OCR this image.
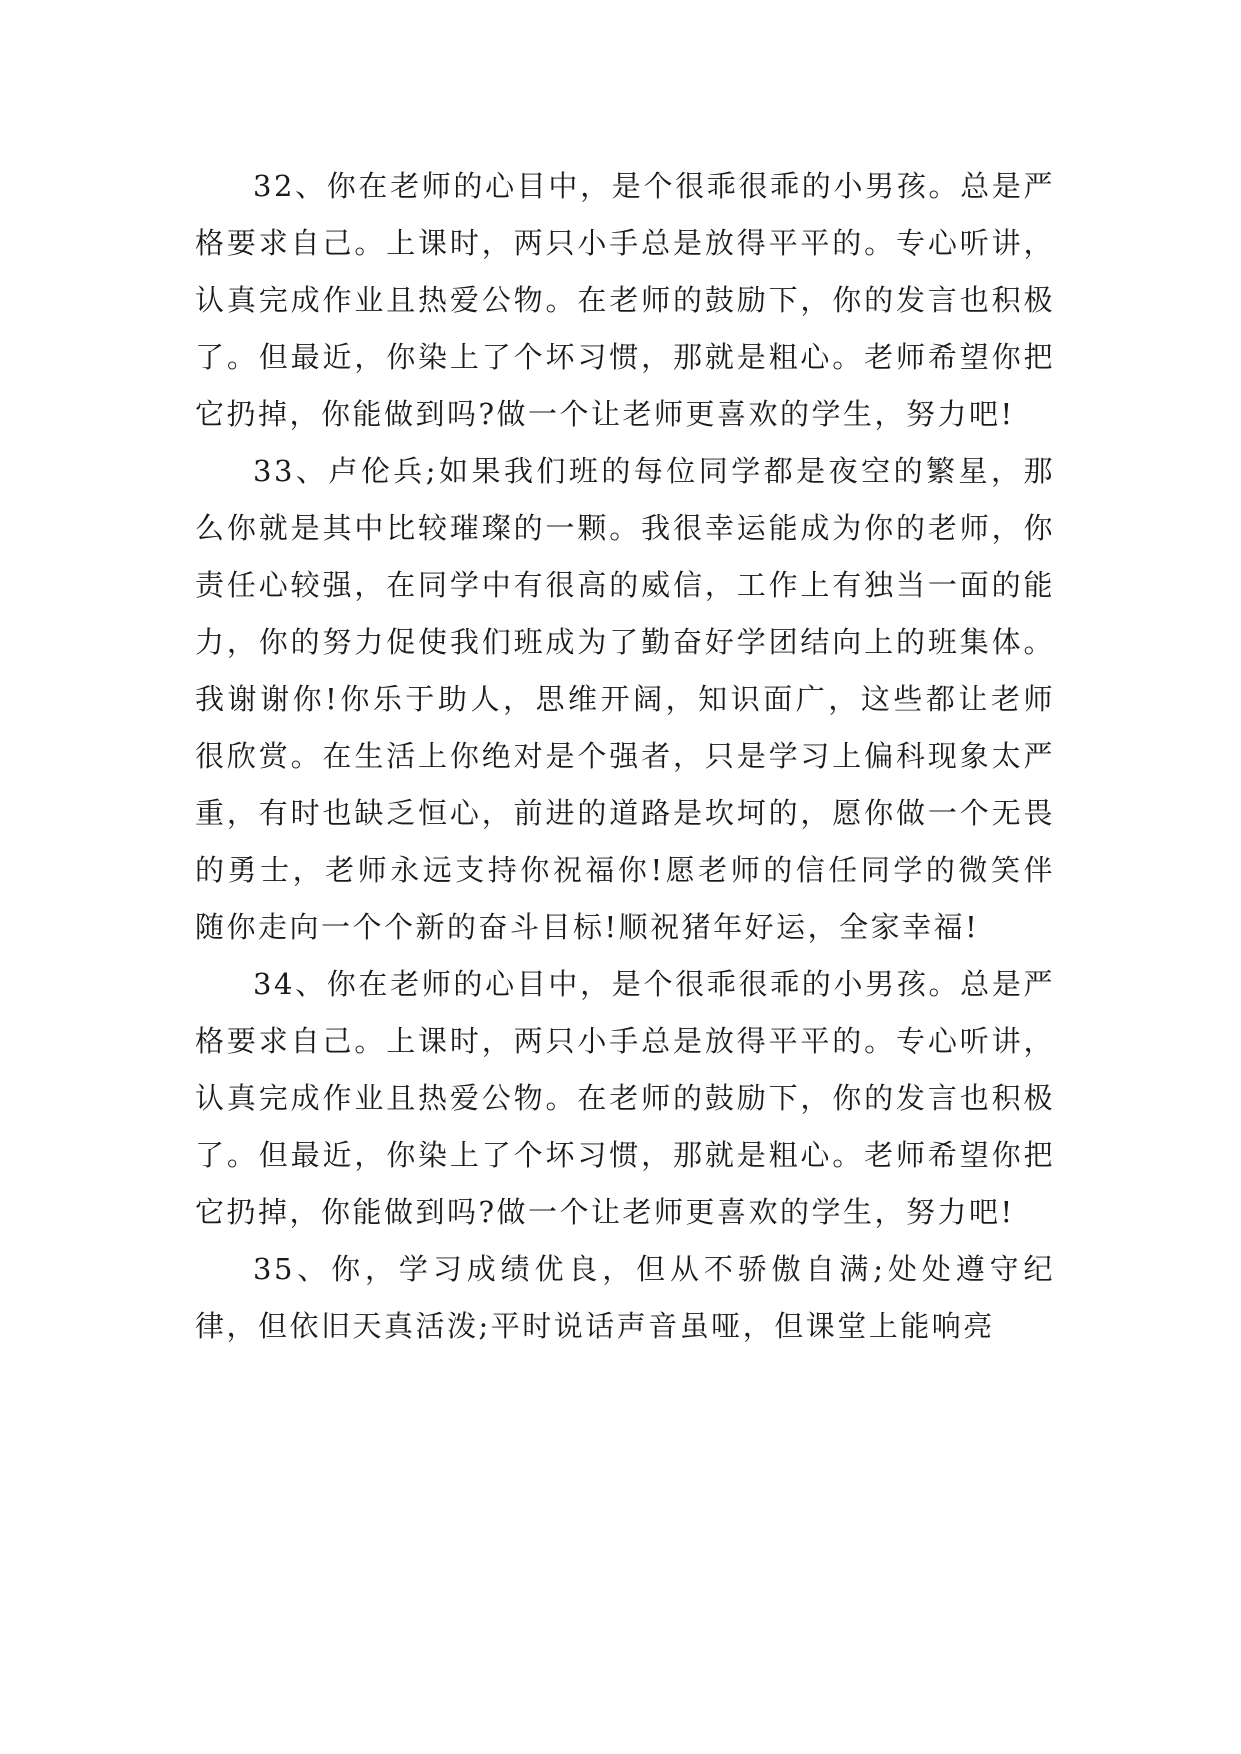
32、你在老师的心目中，是个很乖很乖的小男孩。总是严格要求自己。上课时，两只小手总是放得平平的。专心听讲，认真完成作业且热爱公物。在老师的鼓励下，你的发言也积极了。但最近，你染上了个坏习惯，那就是粗心。老师希望你把它扔掉，你能做到吗?做一个让老师更喜欢的学生，努力吧!

33、卢伦兵;如果我们班的每位同学都是夜空的繁星，那么你就是其中比较璀璨的一颗。我很幸运能成为你的老师，你责任心较强，在同学中有很高的威信，工作上有独当一面的能力，你的努力促使我们班成为了勤奋好学团结向上的班集体。我谢谢你!你乐于助人，思维开阔，知识面广，这些都让老师很欣赏。在生活上你绝对是个强者，只是学习上偏科现象太严重，有时也缺乏恒心，前进的道路是坎坷的，愿你做一个无畏的勇士，老师永远支持你祝福你!愿老师的信任同学的微笑伴随你走向一个个新的奋斗目标!顺祝猪年好运，全家幸福!

34、你在老师的心目中，是个很乖很乖的小男孩。总是严格要求自己。上课时，两只小手总是放得平平的。专心听讲，认真完成作业且热爱公物。在老师的鼓励下，你的发言也积极了。但最近，你染上了个坏习惯，那就是粗心。老师希望你把它扔掉，你能做到吗?做一个让老师更喜欢的学生，努力吧!

35、你，学习成绩优良，但从不骄傲自满;处处遵守纪律，但依旧天真活泼;平时说话声音虽哑，但课堂上能响亮
